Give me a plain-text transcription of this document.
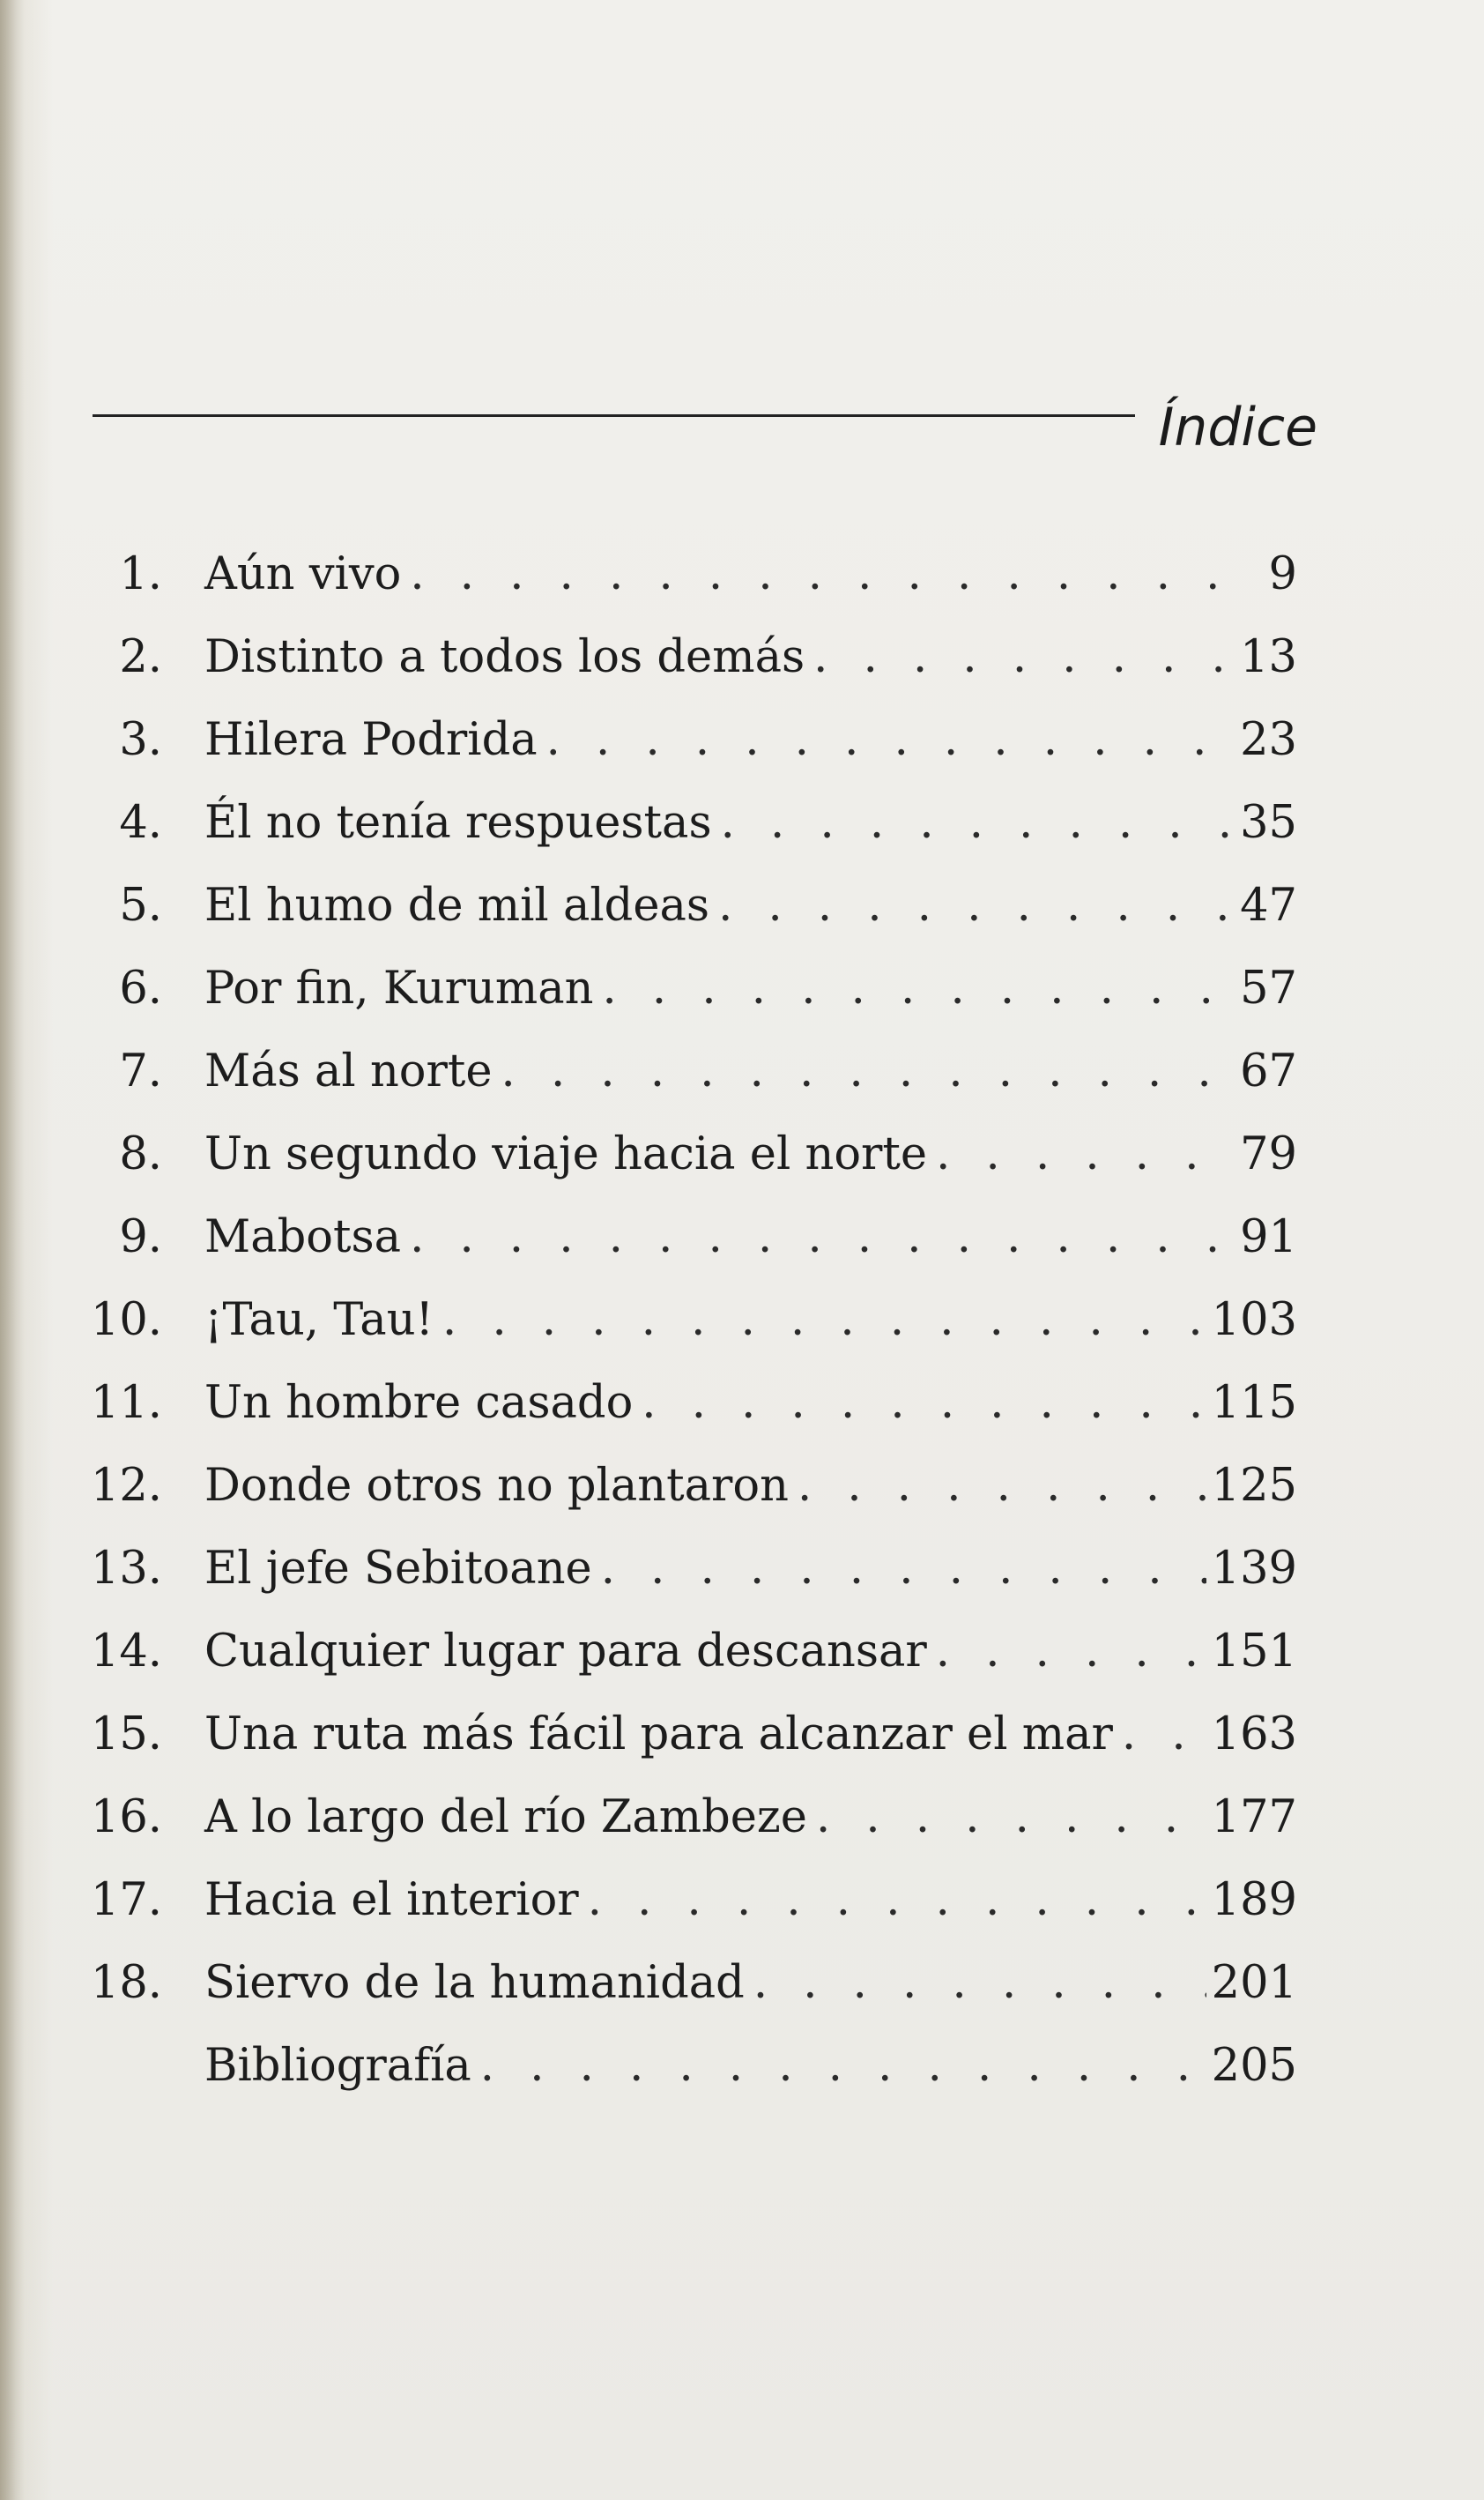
Índice
1. Aún vivo . . .	9
2. Distinto a todos los demás . . .	13
3. Hilera Podrida . . .	23
4. Él no tenía respuestas . . .	35
5. El humo de mil aldeas . . .	47
6. Por fin, Kuruman . . .	57
7. Más al norte . . .	67
8. Un segundo viaje hacia el norte . . .	79
9. Mabotsa . . .	91
10. ¡Tau, Tau! . . .	103
11. Un hombre casado . . .	115
12. Donde otros no plantaron . . .	125
13. El jefe Sebitoane . . .	139
14. Cualquier lugar para descansar . . .	151
15. Una ruta más fácil para alcanzar el mar . . . 163
16. A lo largo del río Zambeze . . .	177
17. Hacia el interior . . .	189
18. Siervo de la humanidad . . .	201
Bibliografía . . .	205
